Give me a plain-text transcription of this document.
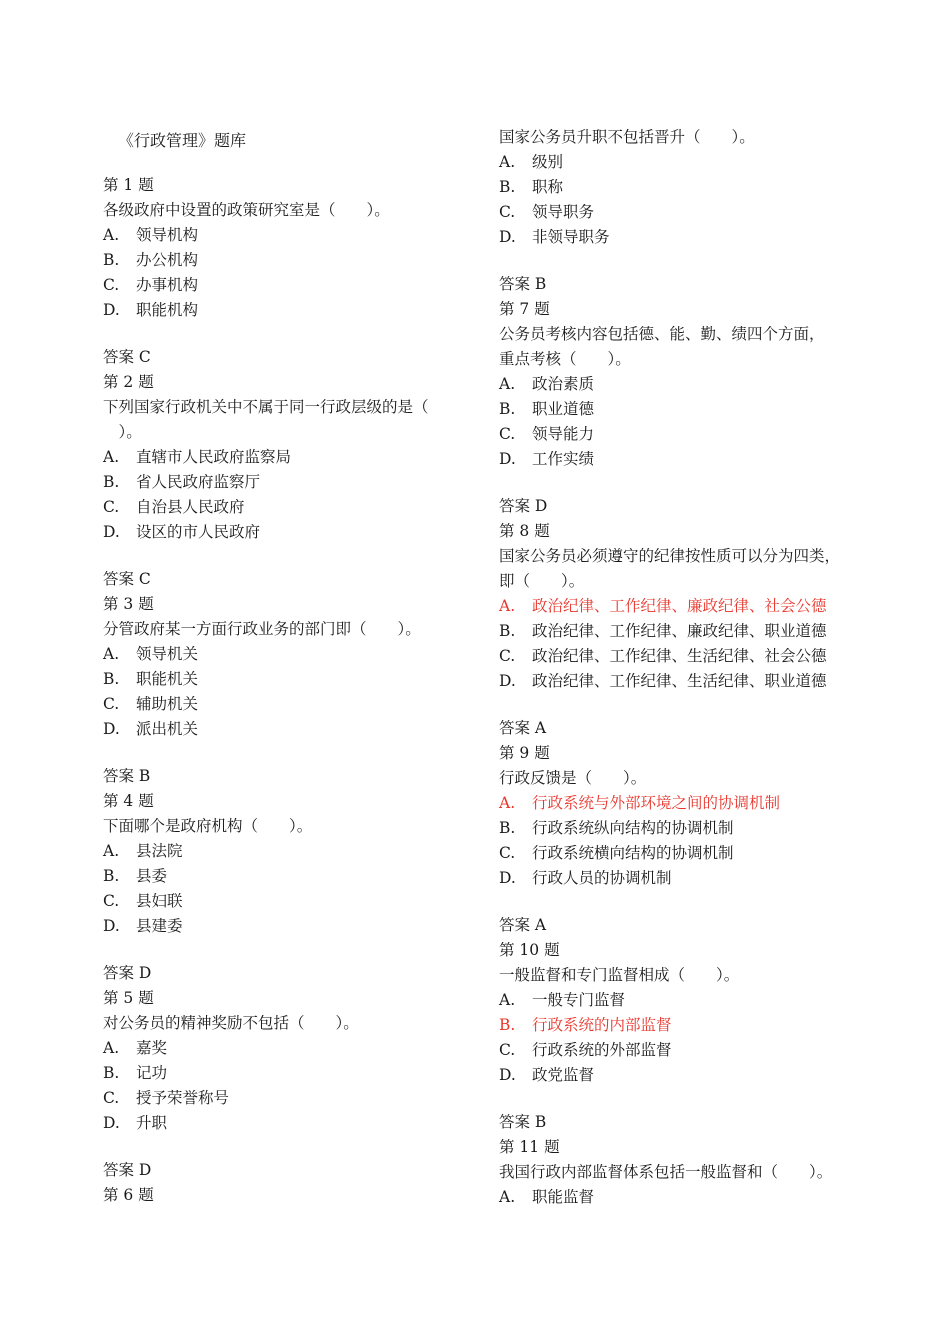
《行政管理》题库
第 1 题
各级政府中设置的政策研究室是（　　）。
A. 领导机构
B. 办公机构
C. 办事机构
D. 职能机构
答案 C
第 2 题
下列国家行政机关中不属于同一行政层级的是（
　）。
A. 直辖市人民政府监察局
B. 省人民政府监察厅
C. 自治县人民政府
D. 设区的市人民政府
答案 C
第 3 题
分管政府某一方面行政业务的部门即（　　）。
A. 领导机关
B. 职能机关
C. 辅助机关
D. 派出机关
答案 B
第 4 题
下面哪个是政府机构（　　）。
A. 县法院
B. 县委
C. 县妇联
D. 县建委
答案 D
第 5 题
对公务员的精神奖励不包括（　　）。
A. 嘉奖
B. 记功
C. 授予荣誉称号
D. 升职
答案 D
第 6 题
国家公务员升职不包括晋升（　　）。
A. 级别
B. 职称
C. 领导职务
D. 非领导职务
答案 B
第 7 题
公务员考核内容包括德、能、勤、绩四个方面，
重点考核（　　）。
A. 政治素质
B. 职业道德
C. 领导能力
D. 工作实绩
答案 D
第 8 题
国家公务员必须遵守的纪律按性质可以分为四类，
即（　　）。
A. 政治纪律、工作纪律、廉政纪律、社会公德
B. 政治纪律、工作纪律、廉政纪律、职业道德
C. 政治纪律、工作纪律、生活纪律、社会公德
D. 政治纪律、工作纪律、生活纪律、职业道德
答案 A
第 9 题
行政反馈是（　　）。
A. 行政系统与外部环境之间的协调机制
B. 行政系统纵向结构的协调机制
C. 行政系统横向结构的协调机制
D. 行政人员的协调机制
答案 A
第 10 题
一般监督和专门监督相成（　　）。
A. 一般专门监督
B. 行政系统的内部监督
C. 行政系统的外部监督
D. 政党监督
答案 B
第 11 题
我国行政内部监督体系包括一般监督和（　　）。
A. 职能监督
